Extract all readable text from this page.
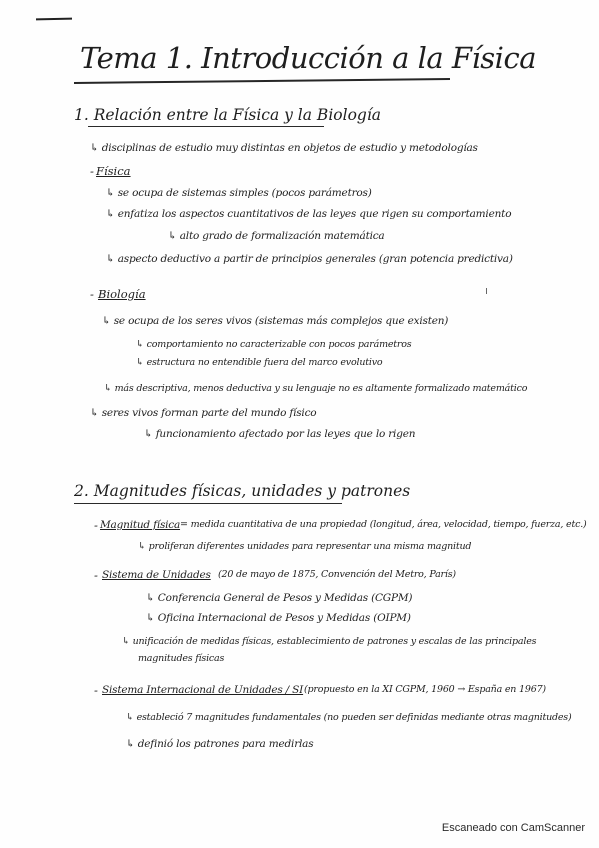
Tema 1. Introducción a la Física
1. Relación entre la Física y la Biología
↳ disciplinas de estudio muy distintas en objetos de estudio y metodologías
Física
-
↳ se ocupa de sistemas simples (pocos parámetros)
↳ enfatiza los aspectos cuantitativos de las leyes que rigen su comportamiento
↳ alto grado de formalización matemática
↳ aspecto deductivo a partir de principios generales (gran potencia predictiva)
- Biología
↳ se ocupa de los seres vivos (sistemas más complejos que existen)
↳ comportamiento no caracterizable con pocos parámetros
↳ estructura no entendible fuera del marco evolutivo
↳ más descriptiva, menos deductiva y su lenguaje no es altamente formalizado matemático
↳ seres vivos forman parte del mundo físico
↳ funcionamiento afectado por las leyes que lo rigen
2. Magnitudes físicas, unidades y patrones
- Magnitud física = medida cuantitativa de una propiedad (longitud, área, velocidad, tiempo, fuerza, etc.)
↳ proliferan diferentes unidades para representar una misma magnitud
- Sistema de Unidades (20 de mayo de 1875, Convención del Metro, París)
↳ Conferencia General de Pesos y Medidas (CGPM)
↳ Oficina Internacional de Pesos y Medidas (OIPM)
↳ unificación de medidas físicas, establecimiento de patrones y escalas de las principales
magnitudes físicas
- Sistema Internacional de Unidades / SI (propuesto en la XI CGPM, 1960 → España en 1967)
↳ estableció 7 magnitudes fundamentales (no pueden ser definidas mediante otras magnitudes)
↳ definió los patrones para medirlas
Escaneado con CamScanner
